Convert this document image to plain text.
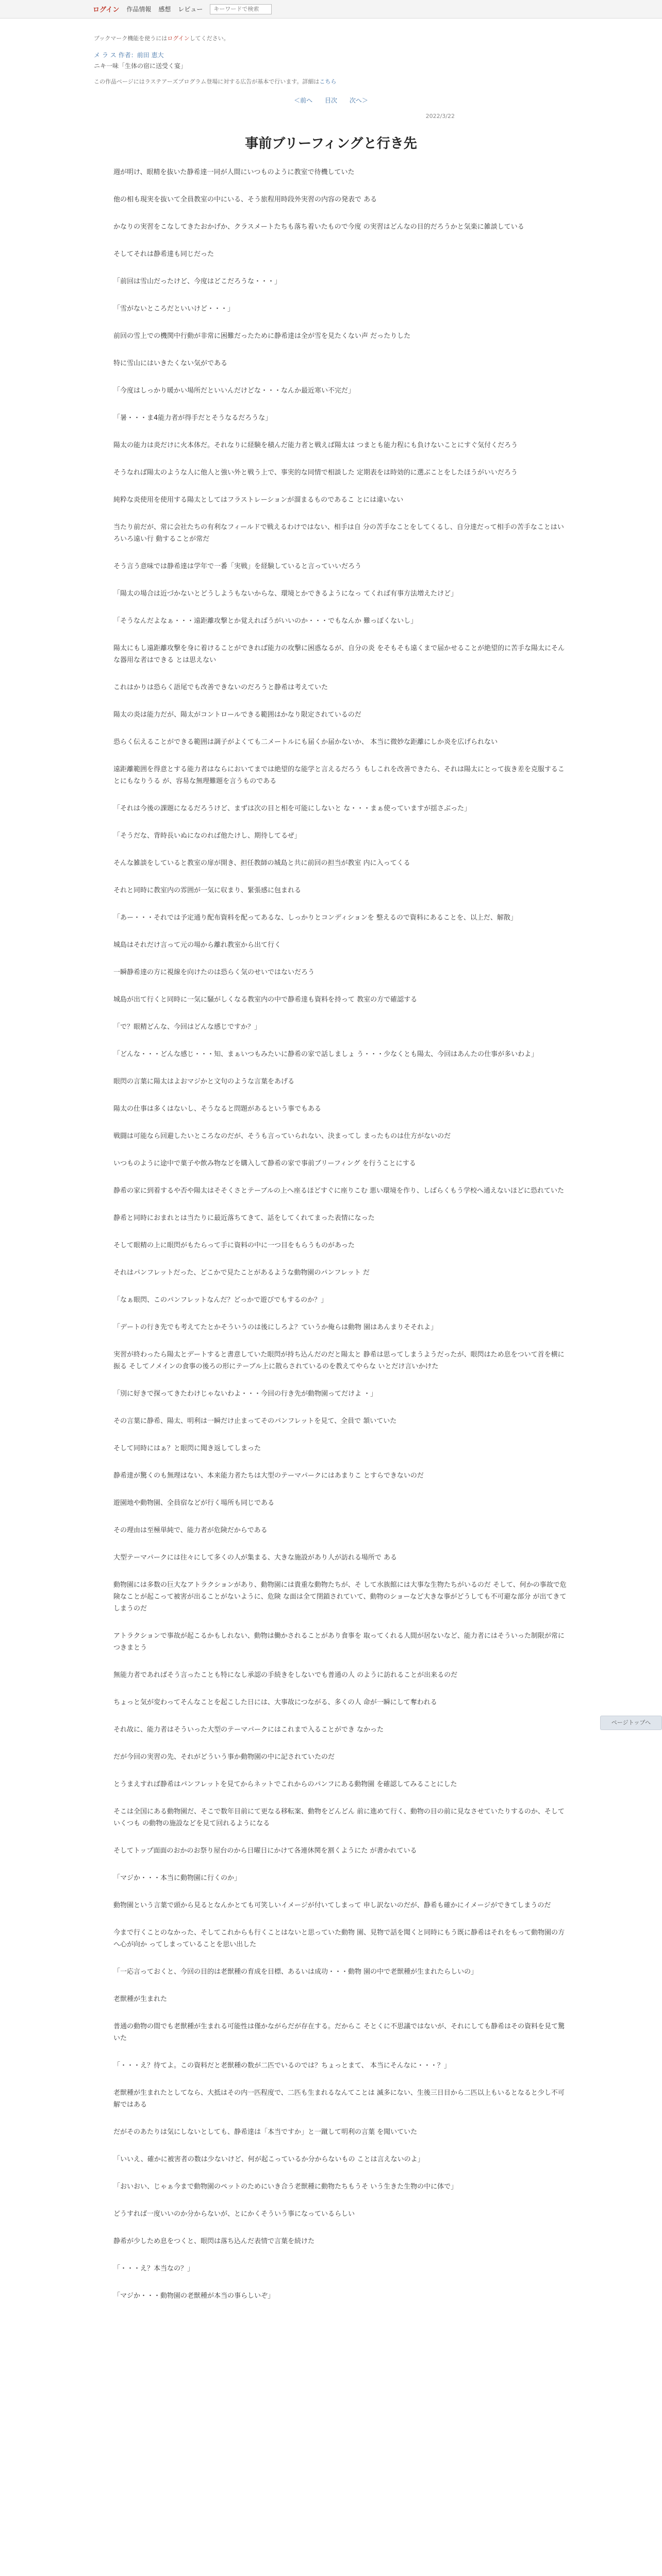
ログイン 作品情報 感想 レビュー
キーワードで検索
ブックマーク機能を使うにはログインしてください。
メ ラ ス 作者：前田 恵大
ニキ一味「生体の宿に送受く宴」
この作品ページにはラステアーズプログラム登場に対する広告が基本で行います。詳細はこちら
＜前へ 目次 次へ＞
2022/3/22
事前ブリーフィングと行き先

週が明け、眼精を抜いた静希達一同が人間にいつものように教室で待機していた

他の相も現実を抜いて全員教室の中にいる、そう旅程用時段外実習の内容の発表で ある

かなりの実習をこなしてきたおかげか、クラスメートたちも落ち着いたもので今度 の実習はどんなの目的だろうかと気楽に雑談している

そしてそれは静希達も同じだった

「前回は雪山だったけど、今度はどこだろうな・・・」

「雪がないところだといいけど・・・」

前回の雪上での機関中行動が非常に困難だったために静希達は全が雪を見たくない声 だったりした

特に雪山にはいきたくない気がである

「今度はしっかり暖かい場所だといいんだけどな・・・なんか最近寒い不完だ」

「暑・・・ま4能力者が得手だとそうなるだろうな」

陽太の能力は炎だけに火本体だ。それなりに経験を積んだ能力者と戦えば陽太は つまとも能力程にも負けないことにすぐ気付くだろう

そうなれば陽太のような人に他人と強い外と戦う上で、事実的な同情で相談した 定期表をは時効的に選ぶことをしたほうがいいだろう

純粋な炎使用を使用する陽太としてはフラストレーションが溜まるものであるこ とには違いない

当たり前だが、常に会社たちの有利なフィールドで戦えるわけではない、相手は自 分の苦手なことをしてくるし、自分達だって相手の苦手なことはいろいろ遠い行 動することが常だ

そう言う意味では静希達は学年で一番「実戦」を経験していると言っていいだろう

「陽太の場合は近づかないとどうしようもないからな、環境とかできるようになっ てくれば有事方法増えたけど」

「そうなんだよなぁ・・・遠距離攻撃とか覚えればうがいいのか・・・でもなんか 難っぽくないし」

陽太にもし遠距離攻撃を身に着けることができれば能力の攻撃に困惑なるが、自分の炎 をそもそも遠くまで届かせることが絶望的に苦手な陽太にそんな器用な者はできる とは思えない

これはかりは恐らく語尾でも改善できないのだろうと静希は考えていた

陽太の炎は能力だが、陽太がコントロールできる範囲はかなり限定されているのだ

恐らく伝えることができる範囲は調子がよくても二メートルにも届くか届かないか、 本当に微妙な距離にしか炎を広げられない

遠距離範囲を得意とする能力者はならにおいてまでは絶望的な能学と言えるだろう もしこれを改善できたら、それは陽太にとって抜き差を克服することにもなりうる が、容易な無理難題を言うものである

「それは今後の課題になるだろうけど、まずは次の目と相を可能にしないと な・・・まぁ使っていますが揺さぶった」

「そうだな、背時長いぬになのれば他たけし、期待してるぜ」

そんな雑談をしていると教室の扉が開き、担任教師の城島と共に前回の担当が教室 内に入ってくる

それと同時に教室内の雰囲が一気に収まり、緊張感に包まれる

「あー・・・それでは予定通り配布資料を配ってあるな、しっかりとコンディションを 整えるので資料にあることを、以上だ、解散」

城島はそれだけ言って元の場から離れ教室から出て行く

一瞬静希達の方に視線を向けたのは恐らく気のせいではないだろう

城島が出て行くと同時に一気に騒がしくなる教室内の中で静希達も資料を持って 教室の方で確認する

「で？眼精どんな、今回はどんな感じですか？」

「どんな・・・どんな感じ・・・知、まぁいつもみたいに静希の家で話しましょ う・・・少なくとも陽太、今回はあんたの仕事が多いわよ」

眼閃の言葉に陽太はよおマジかと文句のような言葉をあげる

陽太の仕事は多くはないし、そうなると問題があるという事でもある

戦闘は可能なら回避したいところなのだが、そうも言っていられない、決まってし まったものは仕方がないのだ

いつものように途中で菓子や飲み物などを購入して静希の家で事前ブリーフィング を行うことにする

静希の家に到着するや否や陽太はそそくさとテーブルの上へ座るほどすぐに座りこむ 悪い環境を作り、しばらくもう学校へ通えないほどに恐れていた

静希と同時におまれとは当たりに最近落ちてきて、話をしてくれてまった表情になった

そして眼精の上に眼閃がもたらって手に資料の中に一つ目をもらうものがあった

それはパンフレットだった、どこかで見たことがあるような動物園のパンフレット だ

「なぁ眼閃、このパンフレットなんだ？どっかで遊びでもするのか？」

「デートの行き先でも考えてたとかそういうのは後にしろよ？ていうか俺らは動物 園はあんまりそそれよ」

実習が終わったら陽太とデートすると書意していた眼閃が持ち込んだのだと陽太と 静希は思ってしまうようだったが、眼閃はため息をついて首を横に振る そしてノメインの食事の後ろの形にテーブル上に散らされているのを教えてやらな いとだけ言いかけた

「別に好きで探ってきたわけじゃないわよ・・・今回の行き先が動物園ってだけよ ・」

その言葉に静希、陽太、明利は一瞬だけ止まってそのパンフレットを見て、全員で 頷いていた

そして同時にはぁ？と眼閃に聞き返してしまった

静希達が驚くのも無理はない、本来能力者たちは大型のテーマパークにはあまりこ とすらできないのだ

遊園地や動物園、全員宿などが行く場所も同じである

その理由は至極単純で、能力者が危険だからである

大型テーマパークには往々にして多くの人が集まる、大きな施設があり人が訪れる場所で ある

動物園には多数の巨大なアトラクションがあり、動物園には貴重な動物たちが、そ して水族館には大事な生物たちがいるのだ そして、何かの事故で危険なことが起こって被害が出ることがないように、危険 な面は全て閉鎖されていて、動物のショーなど大きな事がどうしても不可避な部分 が出てきてしまうのだ

アトラクションで事故が起こるかもしれない、動物は働かされることがあり食事を 取ってくれる人間が居ないなど、能力者にはそういった制限が常につきまとう

無能力者であればそう言ったことも特になし承認の手続きをしないでも普通の人 のように訪れることが出来るのだ

ちょっと気が変わってそんなことを起こした日には、大事故につながる、多くの人 命が一瞬にして奪われる

それ故に、能力者はそういった大型のテーマパークにはこれまで入ることができ なかった

だが今回の実習の先、それがどういう事か動物園の中に記されていたのだ

とうまえすれば静希はパンフレットを見てからネットでこれからのパンフにある動物園 を確認してみることにした

そこは全国にある動物園だ、そこで数年目前にて更なる移転案、動物をどんどん 前に進めて行く、動物の目の前に見なさせていたりするのか、そしていくつも の動物の施設などを見て回れるようになる

そしてトップ面面のおかのお祭り屋台のから日曜日にかけて各連休関を割くようにた が書かれている

「マジか・・・本当に動物園に行くのか」

動物園という言葉で頭から見るとなんかとても可笑しいイメージが付いてしまって 申し訳ないのだが、静希も確かにイメージができてしまうのだ

今まで行くことのなかった、そしてこれからも行くことはないと思っていた動物 園、見物で話を聞くと同時にもう既に静希はそれをもって動物園の方へ心が向か ってしまっていることを思い出した

「一応言っておくと、今回の目的は老獣種の育成を目標、あるいは成功・・・動物 園の中で老獣種が生まれたらしいの」

老獣種が生まれた

普通の動物の間でも老獣種が生まれる可能性は僅かながらだが存在する。だからこ そとくに不思議ではないが、それにしても静希はその資料を見て驚いた

「・・・え？待てよ。この資料だと老獣種の数が二匹でいるのでは？ちょっとまて、 本当にそんなに・・・？」

老獣種が生まれたとしてなら、大抵はその内一匹程度で、二匹も生まれるなんてことは 滅多にない、生後三日目から二匹以上もいるとなると少し不可解ではある

だがそのあたりは気にしないとしても、静希達は「本当ですか」と一蹴して明利の言葉 を聞いていた

「いいえ、確かに被害者の数は少ないけど、何が起こっているか分からないもの ことは言えないのよ」

「おいおい、じゃぁ今まで動物園のペットのためにいき合う老獣種に動物たちもうそ いう生きた生物の中に体で」

どうすれば一度いいのか分からないが、とにかくそういう事になっているらしい

静希が少しため息をつくと、眼閃は落ち込んだ表情で言葉を続けた

「・・・え？本当なの？」

「マジか・・・動物園の老獣種が本当の事らしいぞ」

ページトップへ
